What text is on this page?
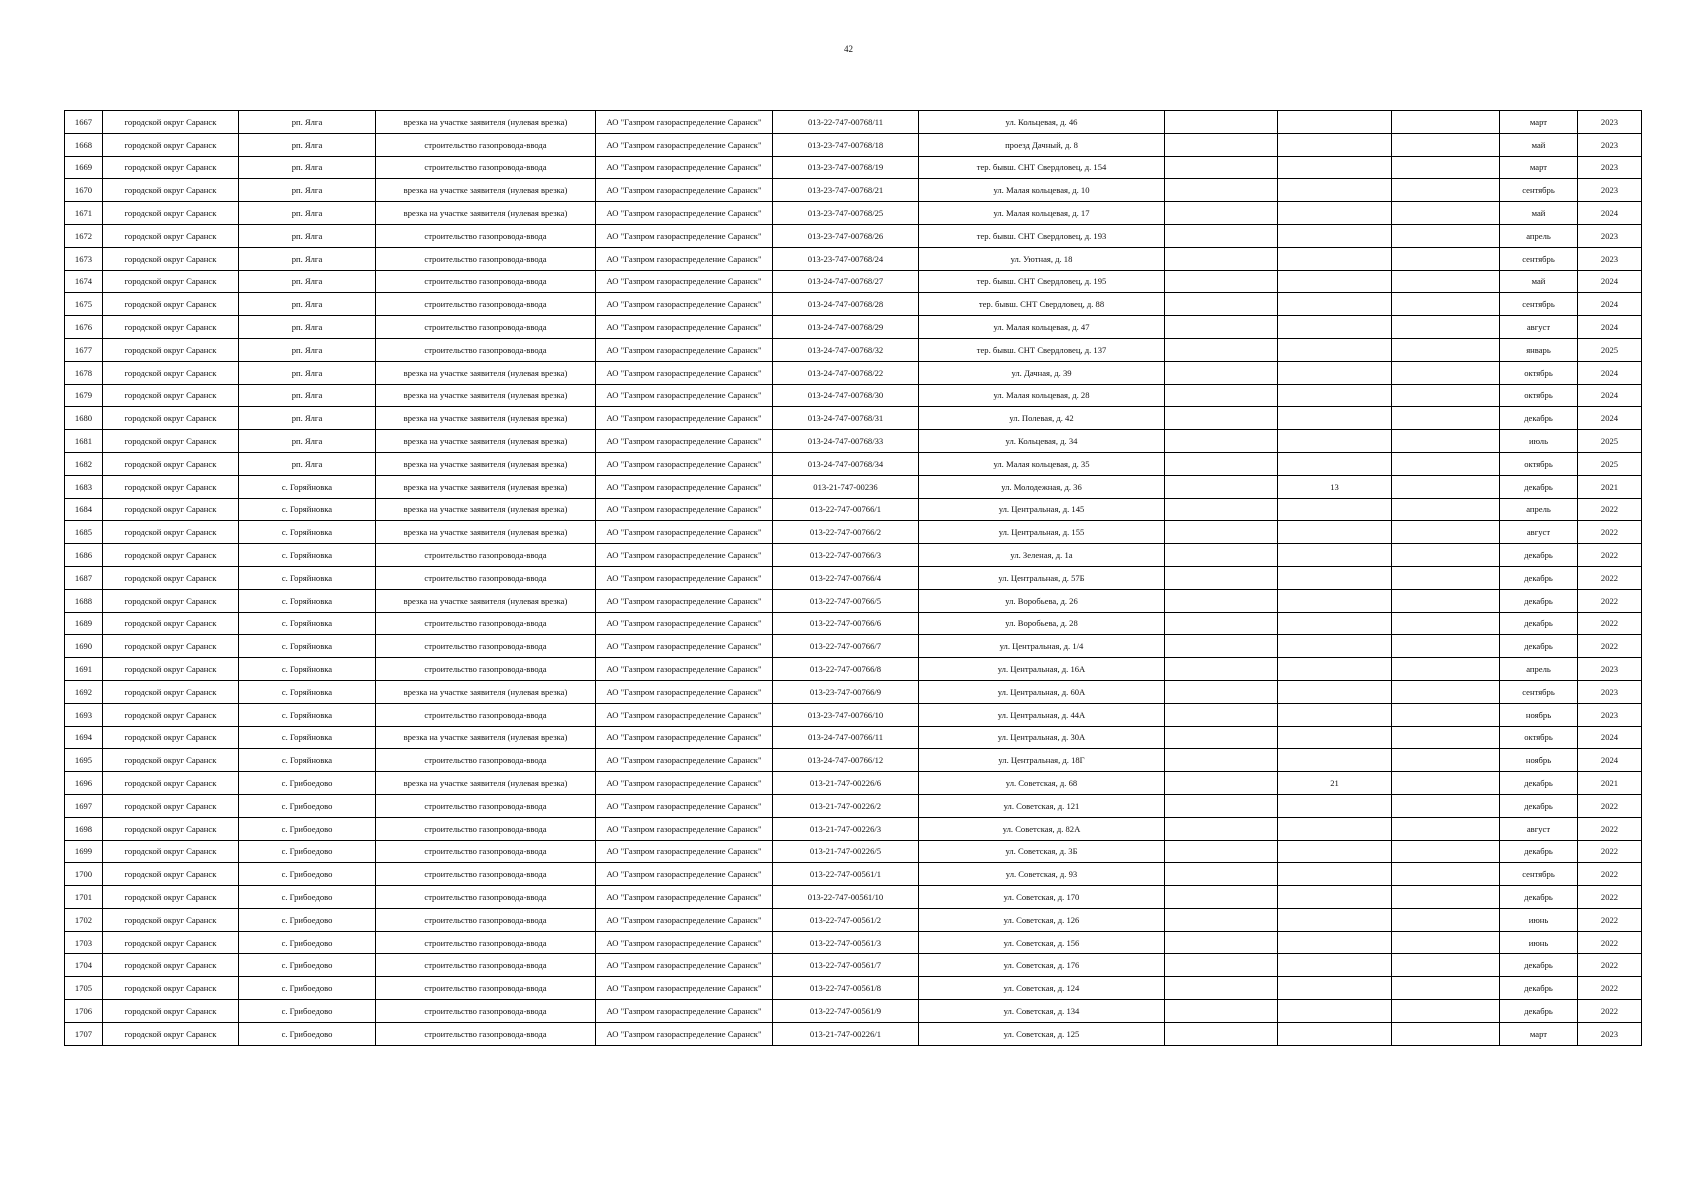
42
1667	городской округ Саранск	рп. Ялга	врезка на участке заявителя (нулевая врезка)	АО "Газпром газораспределение Саранск"	013-22-747-00768/11	ул. Кольцевая, д. 46				март	2023
1668	городской округ Саранск	рп. Ялга	строительство газопровода-ввода	АО "Газпром газораспределение Саранск"	013-23-747-00768/18	проезд Дачный, д. 8				май	2023
1669	городской округ Саранск	рп. Ялга	строительство газопровода-ввода	АО "Газпром газораспределение Саранск"	013-23-747-00768/19	тер. бывш. СНТ Свердловец, д. 154				март	2023
1670	городской округ Саранск	рп. Ялга	врезка на участке заявителя (нулевая врезка)	АО "Газпром газораспределение Саранск"	013-23-747-00768/21	ул. Малая кольцевая, д. 10				сентябрь	2023
1671	городской округ Саранск	рп. Ялга	врезка на участке заявителя (нулевая врезка)	АО "Газпром газораспределение Саранск"	013-23-747-00768/25	ул. Малая кольцевая, д. 17				май	2024
1672	городской округ Саранск	рп. Ялга	строительство газопровода-ввода	АО "Газпром газораспределение Саранск"	013-23-747-00768/26	тер. бывш. СНТ Свердловец, д. 193				апрель	2023
1673	городской округ Саранск	рп. Ялга	строительство газопровода-ввода	АО "Газпром газораспределение Саранск"	013-23-747-00768/24	ул. Уютная, д. 18				сентябрь	2023
1674	городской округ Саранск	рп. Ялга	строительство газопровода-ввода	АО "Газпром газораспределение Саранск"	013-24-747-00768/27	тер. бывш. СНТ Свердловец, д. 195				май	2024
1675	городской округ Саранск	рп. Ялга	строительство газопровода-ввода	АО "Газпром газораспределение Саранск"	013-24-747-00768/28	тер. бывш. СНТ Свердловец, д. 88				сентябрь	2024
1676	городской округ Саранск	рп. Ялга	строительство газопровода-ввода	АО "Газпром газораспределение Саранск"	013-24-747-00768/29	ул. Малая кольцевая, д. 47				август	2024
1677	городской округ Саранск	рп. Ялга	строительство газопровода-ввода	АО "Газпром газораспределение Саранск"	013-24-747-00768/32	тер. бывш. СНТ Свердловец, д. 137				январь	2025
1678	городской округ Саранск	рп. Ялга	врезка на участке заявителя (нулевая врезка)	АО "Газпром газораспределение Саранск"	013-24-747-00768/22	ул. Дачная, д. 39				октябрь	2024
1679	городской округ Саранск	рп. Ялга	врезка на участке заявителя (нулевая врезка)	АО "Газпром газораспределение Саранск"	013-24-747-00768/30	ул. Малая кольцевая, д. 28				октябрь	2024
1680	городской округ Саранск	рп. Ялга	врезка на участке заявителя (нулевая врезка)	АО "Газпром газораспределение Саранск"	013-24-747-00768/31	ул. Полевая, д. 42				декабрь	2024
1681	городской округ Саранск	рп. Ялга	врезка на участке заявителя (нулевая врезка)	АО "Газпром газораспределение Саранск"	013-24-747-00768/33	ул. Кольцевая, д. 34				июль	2025
1682	городской округ Саранск	рп. Ялга	врезка на участке заявителя (нулевая врезка)	АО "Газпром газораспределение Саранск"	013-24-747-00768/34	ул. Малая кольцевая, д. 35				октябрь	2025
1683	городской округ Саранск	с. Горяйновка	врезка на участке заявителя (нулевая врезка)	АО "Газпром газораспределение Саранск"	013-21-747-00236	ул. Молодежная, д. 36		13		декабрь	2021
1684	городской округ Саранск	с. Горяйновка	врезка на участке заявителя (нулевая врезка)	АО "Газпром газораспределение Саранск"	013-22-747-00766/1	ул. Центральная, д. 145				апрель	2022
1685	городской округ Саранск	с. Горяйновка	врезка на участке заявителя (нулевая врезка)	АО "Газпром газораспределение Саранск"	013-22-747-00766/2	ул. Центральная, д. 155				август	2022
1686	городской округ Саранск	с. Горяйновка	строительство газопровода-ввода	АО "Газпром газораспределение Саранск"	013-22-747-00766/3	ул. Зеленая, д. 1а				декабрь	2022
1687	городской округ Саранск	с. Горяйновка	строительство газопровода-ввода	АО "Газпром газораспределение Саранск"	013-22-747-00766/4	ул. Центральная, д. 57Б				декабрь	2022
1688	городской округ Саранск	с. Горяйновка	врезка на участке заявителя (нулевая врезка)	АО "Газпром газораспределение Саранск"	013-22-747-00766/5	ул. Воробьева, д. 26				декабрь	2022
1689	городской округ Саранск	с. Горяйновка	строительство газопровода-ввода	АО "Газпром газораспределение Саранск"	013-22-747-00766/6	ул. Воробьева, д. 28				декабрь	2022
1690	городской округ Саранск	с. Горяйновка	строительство газопровода-ввода	АО "Газпром газораспределение Саранск"	013-22-747-00766/7	ул. Центральная, д. 1/4				декабрь	2022
1691	городской округ Саранск	с. Горяйновка	строительство газопровода-ввода	АО "Газпром газораспределение Саранск"	013-22-747-00766/8	ул. Центральная, д. 16А				апрель	2023
1692	городской округ Саранск	с. Горяйновка	врезка на участке заявителя (нулевая врезка)	АО "Газпром газораспределение Саранск"	013-23-747-00766/9	ул. Центральная, д. 60А				сентябрь	2023
1693	городской округ Саранск	с. Горяйновка	строительство газопровода-ввода	АО "Газпром газораспределение Саранск"	013-23-747-00766/10	ул. Центральная, д. 44А				ноябрь	2023
1694	городской округ Саранск	с. Горяйновка	врезка на участке заявителя (нулевая врезка)	АО "Газпром газораспределение Саранск"	013-24-747-00766/11	ул. Центральная, д. 30А				октябрь	2024
1695	городской округ Саранск	с. Горяйновка	строительство газопровода-ввода	АО "Газпром газораспределение Саранск"	013-24-747-00766/12	ул. Центральная, д. 18Г				ноябрь	2024
1696	городской округ Саранск	с. Грибоедово	врезка на участке заявителя (нулевая врезка)	АО "Газпром газораспределение Саранск"	013-21-747-00226/6	ул. Советская, д. 68		21		декабрь	2021
1697	городской округ Саранск	с. Грибоедово	строительство газопровода-ввода	АО "Газпром газораспределение Саранск"	013-21-747-00226/2	ул. Советская, д. 121				декабрь	2022
1698	городской округ Саранск	с. Грибоедово	строительство газопровода-ввода	АО "Газпром газораспределение Саранск"	013-21-747-00226/3	ул. Советская, д. 82А				август	2022
1699	городской округ Саранск	с. Грибоедово	строительство газопровода-ввода	АО "Газпром газораспределение Саранск"	013-21-747-00226/5	ул. Советская, д. 3Б				декабрь	2022
1700	городской округ Саранск	с. Грибоедово	строительство газопровода-ввода	АО "Газпром газораспределение Саранск"	013-22-747-00561/1	ул. Советская, д. 93				сентябрь	2022
1701	городской округ Саранск	с. Грибоедово	строительство газопровода-ввода	АО "Газпром газораспределение Саранск"	013-22-747-00561/10	ул. Советская, д. 170				декабрь	2022
1702	городской округ Саранск	с. Грибоедово	строительство газопровода-ввода	АО "Газпром газораспределение Саранск"	013-22-747-00561/2	ул. Советская, д. 126				июнь	2022
1703	городской округ Саранск	с. Грибоедово	строительство газопровода-ввода	АО "Газпром газораспределение Саранск"	013-22-747-00561/3	ул. Советская, д. 156				июнь	2022
1704	городской округ Саранск	с. Грибоедово	строительство газопровода-ввода	АО "Газпром газораспределение Саранск"	013-22-747-00561/7	ул. Советская, д. 176				декабрь	2022
1705	городской округ Саранск	с. Грибоедово	строительство газопровода-ввода	АО "Газпром газораспределение Саранск"	013-22-747-00561/8	ул. Советская, д. 124				декабрь	2022
1706	городской округ Саранск	с. Грибоедово	строительство газопровода-ввода	АО "Газпром газораспределение Саранск"	013-22-747-00561/9	ул. Советская, д. 134				декабрь	2022
1707	городской округ Саранск	с. Грибоедово	строительство газопровода-ввода	АО "Газпром газораспределение Саранск"	013-21-747-00226/1	ул. Советская, д. 125				март	2023
